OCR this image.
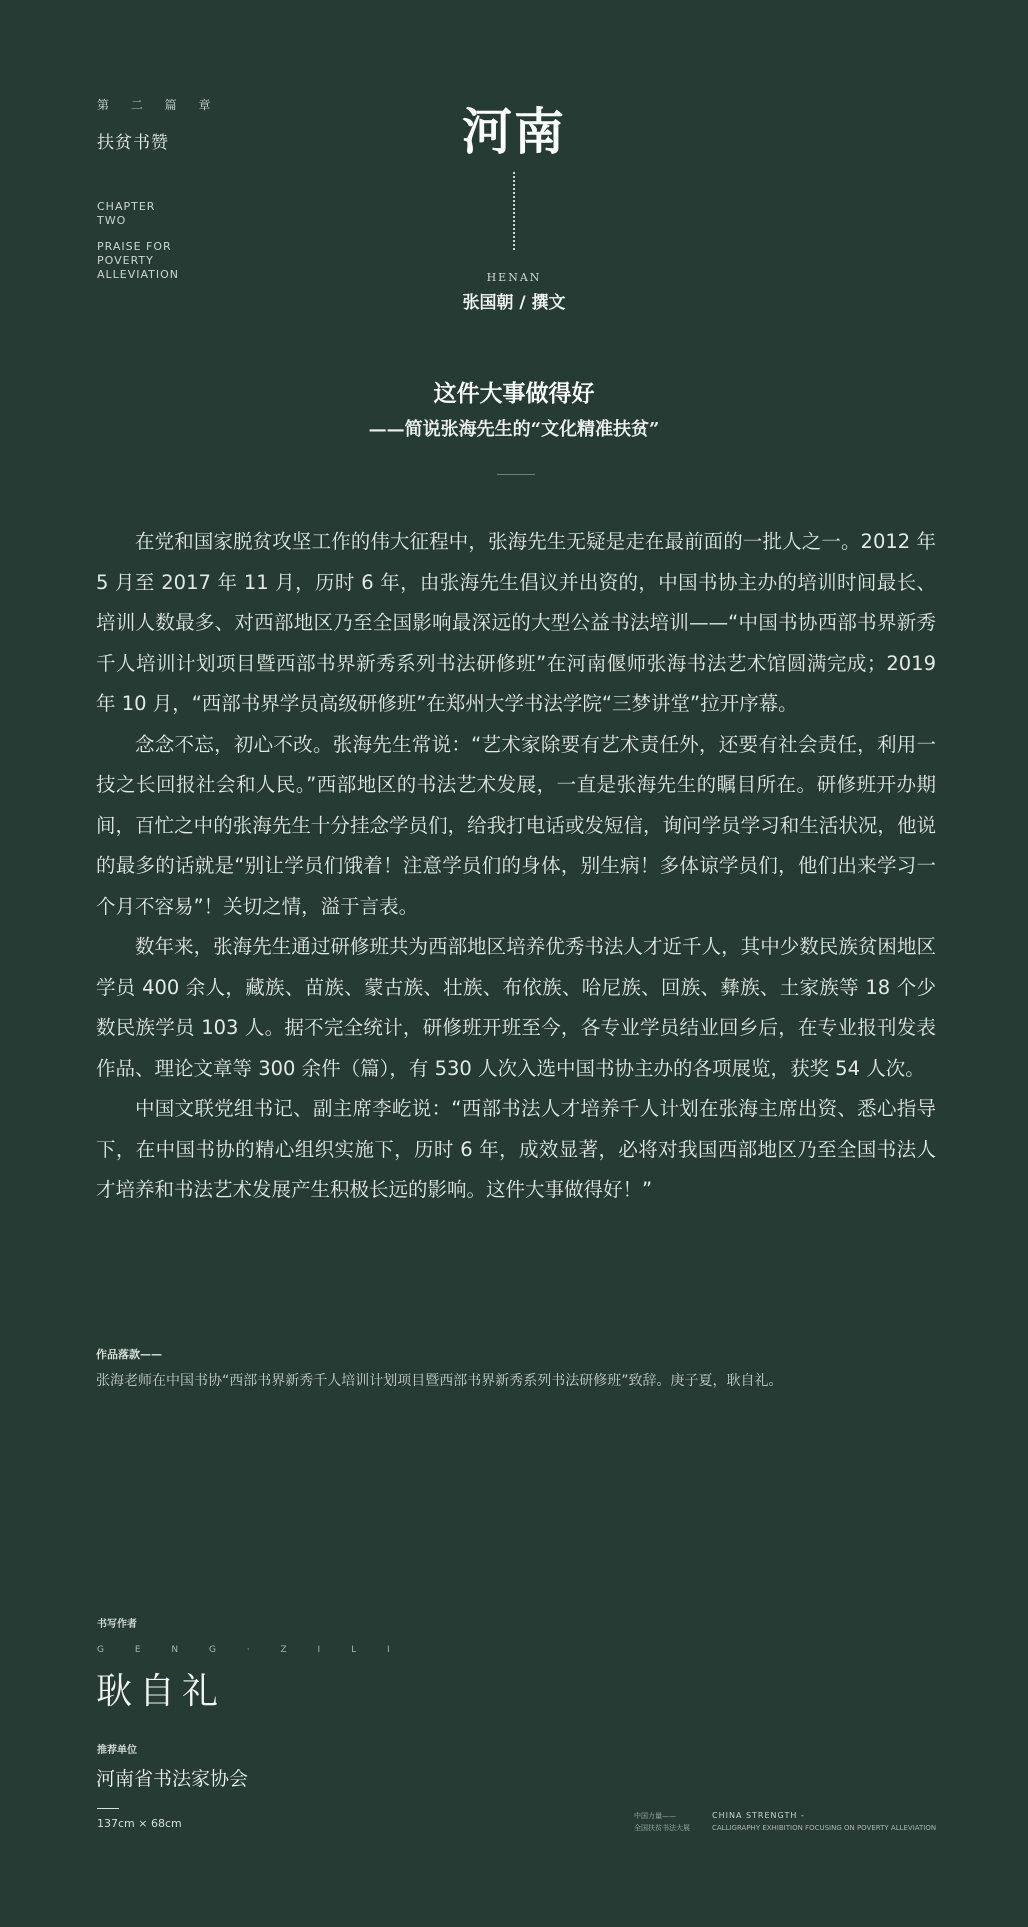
第 二 篇 章
扶贫书赞
CHAPTER
TWO
PRAISE FOR
POVERTY
ALLEVIATION
河南
HENAN
张国朝 / 撰文
这件大事做得好
——简说张海先生的“文化精准扶贫”

在党和国家脱贫攻坚工作的伟大征程中，张海先生无疑是走在最前面的一批人之一。2012 年 5 月至 2017 年 11 月，历时 6 年，由张海先生倡议并出资的，中国书协主办的培训时间最长、培训人数最多、对西部地区乃至全国影响最深远的大型公益书法培训——“中国书协西部书界新秀千人培训计划项目暨西部书界新秀系列书法研修班”在河南偃师张海书法艺术馆圆满完成；2019 年 10 月，“西部书界学员高级研修班”在郑州大学书法学院“三梦讲堂”拉开序幕。

念念不忘，初心不改。张海先生常说：“艺术家除要有艺术责任外，还要有社会责任，利用一技之长回报社会和人民。”西部地区的书法艺术发展，一直是张海先生的瞩目所在。研修班开办期间，百忙之中的张海先生十分挂念学员们，给我打电话或发短信，询问学员学习和生活状况，他说的最多的话就是“别让学员们饿着！注意学员们的身体，别生病！多体谅学员们，他们出来学习一个月不容易”！关切之情，溢于言表。

数年来，张海先生通过研修班共为西部地区培养优秀书法人才近千人，其中少数民族贫困地区学员 400 余人，藏族、苗族、蒙古族、壮族、布依族、哈尼族、回族、彝族、土家族等 18 个少数民族学员 103 人。据不完全统计，研修班开班至今，各专业学员结业回乡后，在专业报刊发表作品、理论文章等 300 余件（篇），有 530 人次入选中国书协主办的各项展览，获奖 54 人次。

中国文联党组书记、副主席李屹说：“西部书法人才培养千人计划在张海主席出资、悉心指导下，在中国书协的精心组织实施下，历时 6 年，成效显著，必将对我国西部地区乃至全国书法人才培养和书法艺术发展产生积极长远的影响。这件大事做得好！”

作品落款——
张海老师在中国书协“西部书界新秀千人培训计划项目暨西部书界新秀系列书法研修班”致辞。庚子夏，耿自礼。
书写作者
G E N G · Z I L I
耿自礼
推荐单位
河南省书法家协会
137cm × 68cm
中国力量——
全国扶贫书法大展
CHINA STRENGTH -
CALLIGRAPHY EXHIBITION FOCUSING ON POVERTY ALLEVIATION
